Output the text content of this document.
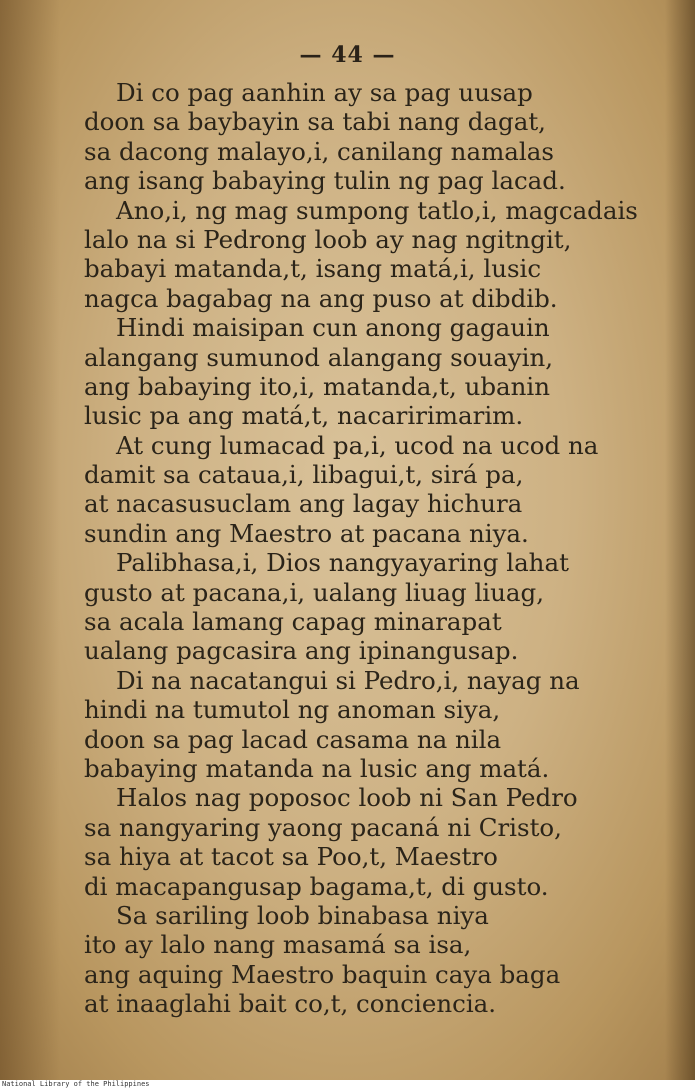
— 44 —
Di co pag aanhin ay sa pag uusap
doon sa baybayin sa tabi nang dagat,
sa dacong malayo,i, canilang namalas
ang isang babaying tulin ng pag lacad.
Ano,i, ng mag sumpong tatlo,i, magcadais
lalo na si Pedrong loob ay nag ngitngit,
babayi matanda,t, isang matá,i, lusic
nagca bagabag na ang puso at dibdib.
Hindi maisipan cun anong gagauin
alangang sumunod alangang souayin,
ang babaying ito,i, matanda,t, ubanin
lusic pa ang matá,t, nacaririmarim.
At cung lumacad pa,i, ucod na ucod na
damit sa cataua,i, libagui,t, sirá pa,
at nacasusuclam ang lagay hichura
sundin ang Maestro at pacana niya.
Palibhasa,i, Dios nangyayaring lahat
gusto at pacana,i, ualang liuag liuag,
sa acala lamang capag minarapat
ualang pagcasira ang ipinangusap.
Di na nacatangui si Pedro,i, nayag na
hindi na tumutol ng anoman siya,
doon sa pag lacad casama na nila
babaying matanda na lusic ang matá.
Halos nag poposoc loob ni San Pedro
sa nangyaring yaong pacaná ni Cristo,
sa hiya at tacot sa Poo,t, Maestro
di macapangusap bagama,t, di gusto.
Sa sariling loob binabasa niya
ito ay lalo nang masamá sa isa,
ang aquing Maestro baquin caya baga
at inaaglahi bait co,t, conciencia.
National Library of the Philippines
